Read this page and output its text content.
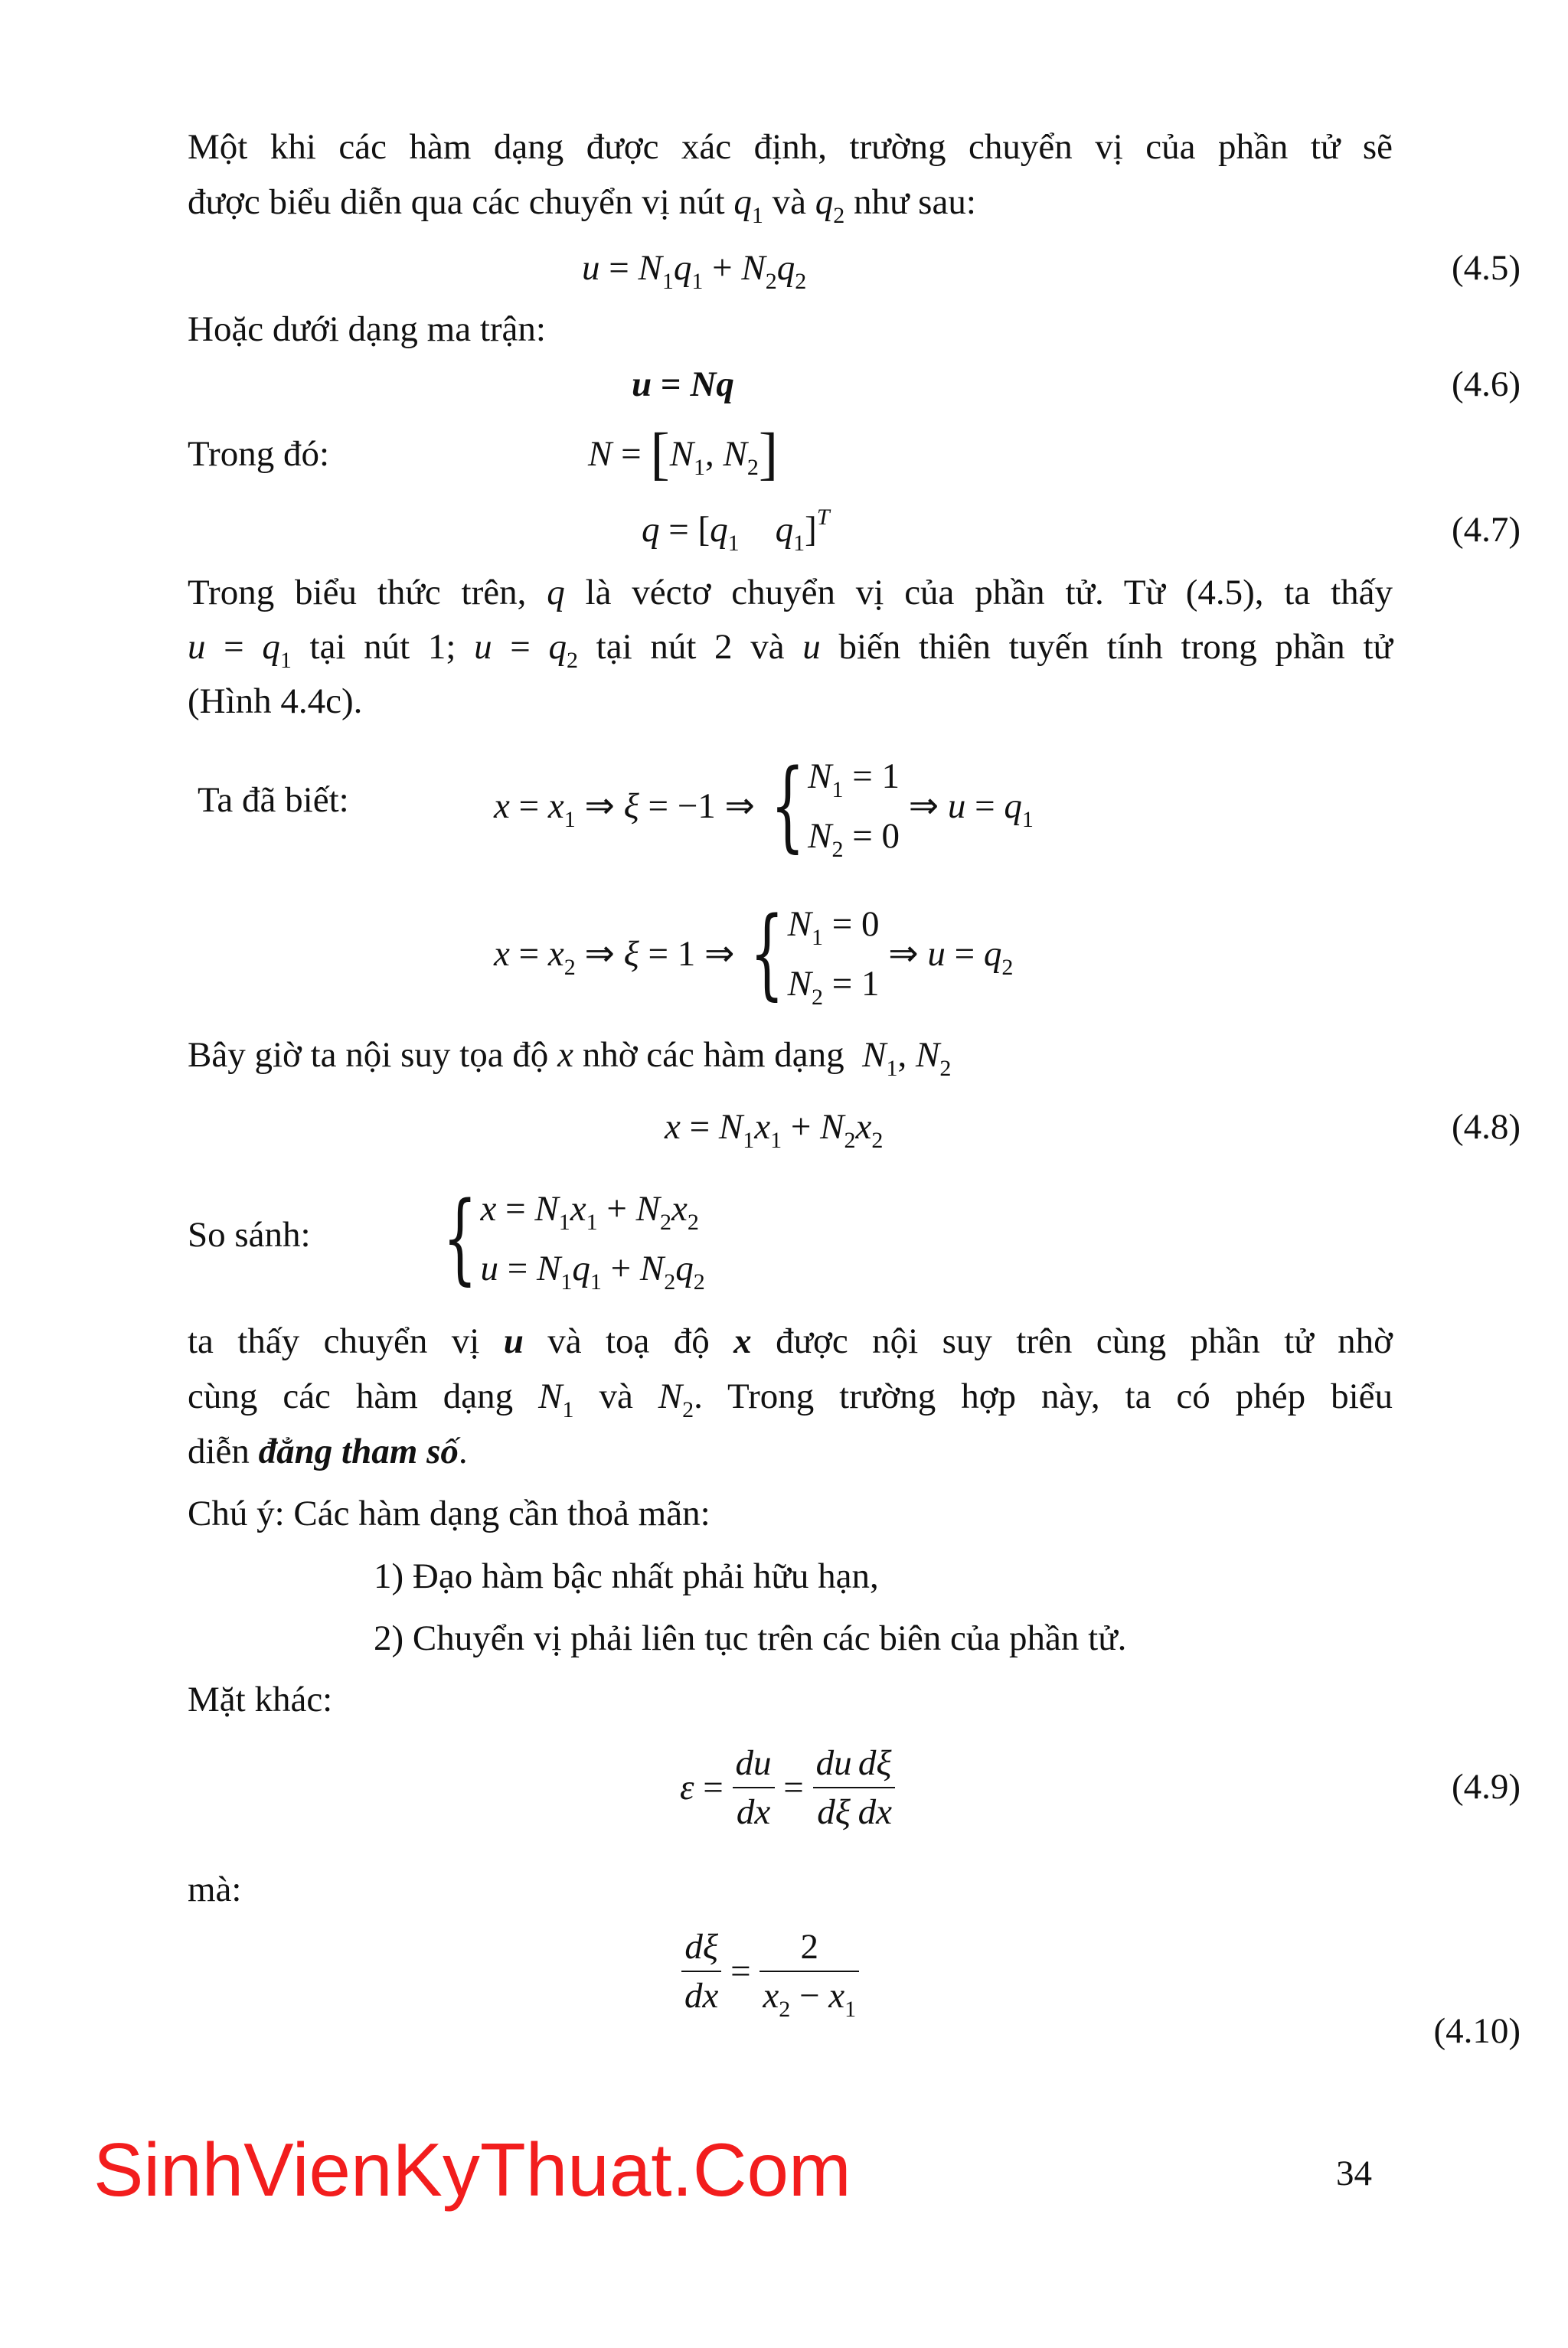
Một khi các hàm dạng được xác định, trường chuyển vị của phần tử sẽ
được biểu diễn qua các chuyển vị nút $q_1$ và $q_2$ như sau:
$u = N_1q_1 + N_2q_2$	(4.5)
Hoặc dưới dạng ma trận:
u = Nq	(4.6)
Trong đó:	$N = [N_1$, $N_2$]
$q = [q_1$ $q_1]^T$	(4.7)
Trong biểu thức trên, q là véctơ chuyển vị của phần tử. Từ (4.5), ta thấy
$u = q_1$ tại nút 1; $u = q_2$ tại nút 2 và u biến thiên tuyến tính trong phần tử
(Hình 4.4c).
Ta đã biết:	$x = x_1$ ⇒ ξ = −1 ⇒ { $N_1 = 1$
$N_2 = 0$
⇒ $u = q_1$
$x = x_2$ ⇒ ξ = 1 ⇒ { $N_1 = 0$
$N_2 = 1$
⇒ $u = q_2$
Bây giờ ta nội suy tọa độ x nhờ các hàm dạng $N_1$, $N_2$
$x = N_1x_1 + N_2x_2$	(4.8)
So sánh: { $x = N_1x_1 + N_2x_2$
$u = N_1q_1 + N_2q_2$
ta thấy chuyển vị u và toạ độ x được nội suy trên cùng phần tử nhờ
cùng các hàm dạng $N_1$ và $N_2$. Trong trường hợp này, ta có phép biểu
diễn đẳng tham số.
Chú ý: Các hàm dạng cần thoả mãn:
1) Đạo hàm bậc nhất phải hữu hạn,
2) Chuyển vị phải liên tục trên các biên của phần tử.
Mặt khác:
$\varepsilon = \frac{du}{dx} = \frac{du}{d\xi} \frac{d\xi}{dx}$	(4.9)
mà:
$\frac{d\xi}{dx} = \frac{2}{x_2 - x_1}$
(4.10)
SinhVienKyThuat.Com	34
